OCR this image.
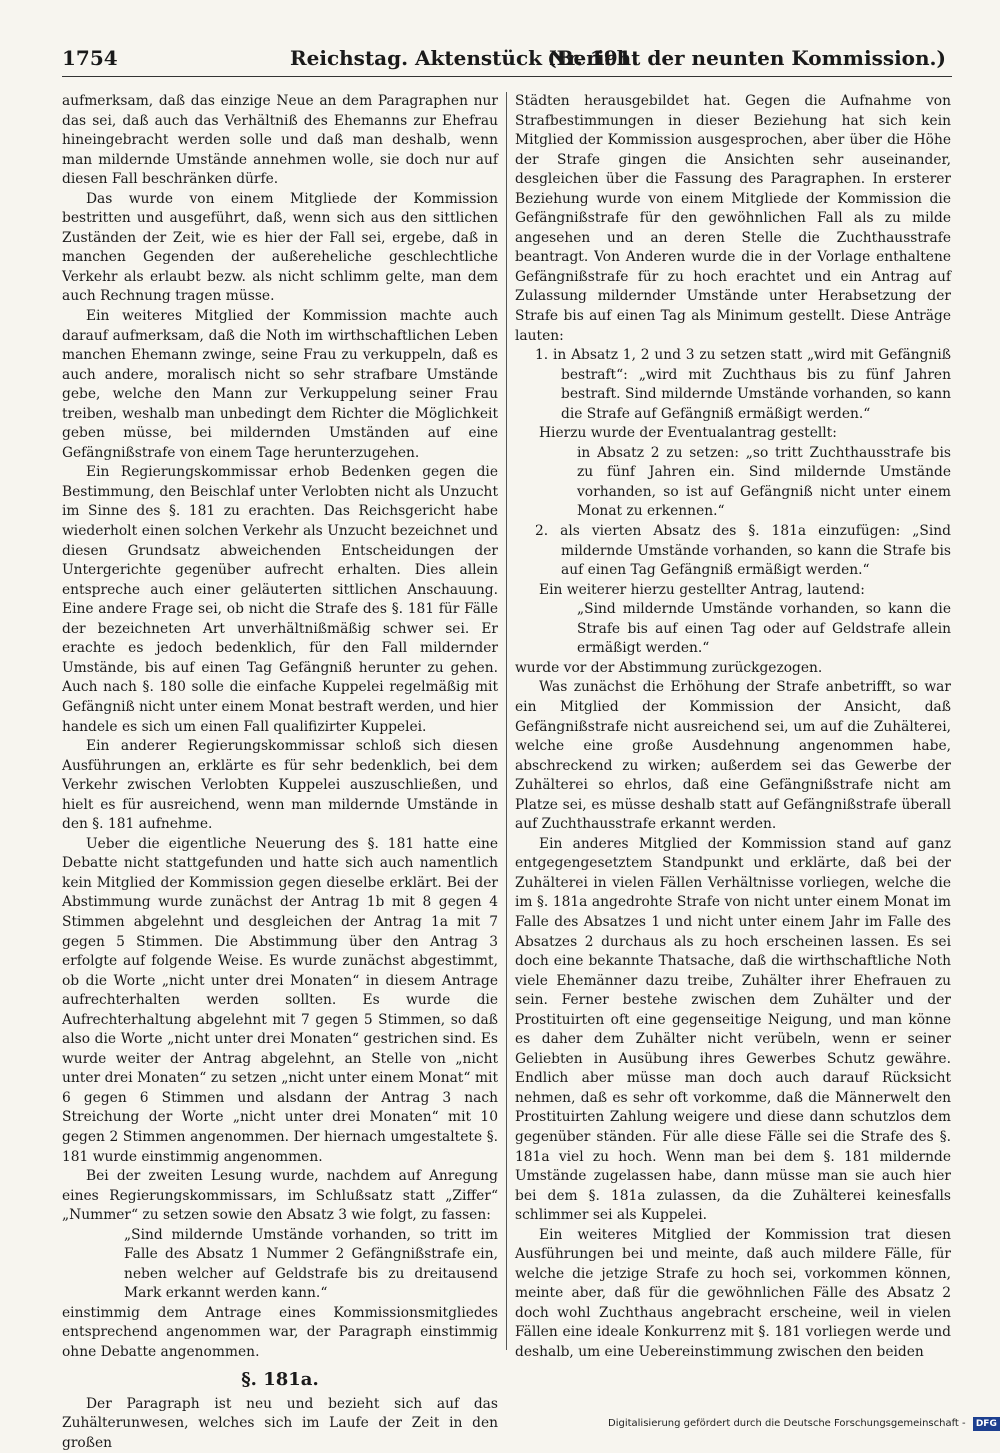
1754	Reichstag. Aktenstück Nr. 191.
(Bericht der neunten Kommission.)

aufmerksam, daß das einzige Neue an dem Paragraphen nur das sei, daß auch das Verhältniß des Ehemanns zur Ehefrau hineingebracht werden solle und daß man deshalb, wenn man mildernde Umstände annehmen wolle, sie doch nur auf diesen Fall beschränken dürfe.

Das wurde von einem Mitgliede der Kommission bestritten und ausgeführt, daß, wenn sich aus den sittlichen Zuständen der Zeit, wie es hier der Fall sei, ergebe, daß in manchen Gegenden der außereheliche geschlechtliche Verkehr als erlaubt bezw. als nicht schlimm gelte, man dem auch Rechnung tragen müsse.

Ein weiteres Mitglied der Kommission machte auch darauf aufmerksam, daß die Noth im wirthschaftlichen Leben manchen Ehemann zwinge, seine Frau zu verkuppeln, daß es auch andere, moralisch nicht so sehr strafbare Umstände gebe, welche den Mann zur Verkuppelung seiner Frau treiben, weshalb man unbedingt dem Richter die Möglichkeit geben müsse, bei mildernden Umständen auf eine Gefängnißstrafe von einem Tage herunterzugehen.

Ein Regierungskommissar erhob Bedenken gegen die Bestimmung, den Beischlaf unter Verlobten nicht als Unzucht im Sinne des §. 181 zu erachten. Das Reichsgericht habe wiederholt einen solchen Verkehr als Unzucht bezeichnet und diesen Grundsatz abweichenden Entscheidungen der Untergerichte gegenüber aufrecht erhalten. Dies allein entspreche auch einer geläuterten sittlichen Anschauung. Eine andere Frage sei, ob nicht die Strafe des §. 181 für Fälle der bezeichneten Art unverhältnißmäßig schwer sei. Er erachte es jedoch bedenklich, für den Fall mildernder Umstände, bis auf einen Tag Gefängniß herunter zu gehen. Auch nach §. 180 solle die einfache Kuppelei regelmäßig mit Gefängniß nicht unter einem Monat bestraft werden, und hier handele es sich um einen Fall qualifizirter Kuppelei.

Ein anderer Regierungskommissar schloß sich diesen Ausführungen an, erklärte es für sehr bedenklich, bei dem Verkehr zwischen Verlobten Kuppelei auszuschließen, und hielt es für ausreichend, wenn man mildernde Umstände in den §. 181 aufnehme.

Ueber die eigentliche Neuerung des §. 181 hatte eine Debatte nicht stattgefunden und hatte sich auch namentlich kein Mitglied der Kommission gegen dieselbe erklärt. Bei der Abstimmung wurde zunächst der Antrag 1b mit 8 gegen 4 Stimmen abgelehnt und desgleichen der Antrag 1a mit 7 gegen 5 Stimmen. Die Abstimmung über den Antrag 3 erfolgte auf folgende Weise. Es wurde zunächst abgestimmt, ob die Worte „nicht unter drei Monaten“ in diesem Antrage aufrechterhalten werden sollten. Es wurde die Aufrechterhaltung abgelehnt mit 7 gegen 5 Stimmen, so daß also die Worte „nicht unter drei Monaten“ gestrichen sind. Es wurde weiter der Antrag abgelehnt, an Stelle von „nicht unter drei Monaten“ zu setzen „nicht unter einem Monat“ mit 6 gegen 6 Stimmen und alsdann der Antrag 3 nach Streichung der Worte „nicht unter drei Monaten“ mit 10 gegen 2 Stimmen angenommen. Der hiernach umgestaltete §. 181 wurde einstimmig angenommen.

Bei der zweiten Lesung wurde, nachdem auf Anregung eines Regierungskommissars, im Schlußsatz statt „Ziffer“ „Nummer“ zu setzen sowie den Absatz 3 wie folgt, zu fassen:

„Sind mildernde Umstände vorhanden, so tritt im Falle des Absatz 1 Nummer 2 Gefängnißstrafe ein, neben welcher auf Geldstrafe bis zu dreitausend Mark erkannt werden kann.“

einstimmig dem Antrage eines Kommissionsmitgliedes entsprechend angenommen war, der Paragraph einstimmig ohne Debatte angenommen.

§. 181a.

Der Paragraph ist neu und bezieht sich auf das Zuhälterunwesen, welches sich im Laufe der Zeit in den großen

Städten herausgebildet hat. Gegen die Aufnahme von Strafbestimmungen in dieser Beziehung hat sich kein Mitglied der Kommission ausgesprochen, aber über die Höhe der Strafe gingen die Ansichten sehr auseinander, desgleichen über die Fassung des Paragraphen. In ersterer Beziehung wurde von einem Mitgliede der Kommission die Gefängnißstrafe für den gewöhnlichen Fall als zu milde angesehen und an deren Stelle die Zuchthausstrafe beantragt. Von Anderen wurde die in der Vorlage enthaltene Gefängnißstrafe für zu hoch erachtet und ein Antrag auf Zulassung mildernder Umstände unter Herabsetzung der Strafe bis auf einen Tag als Minimum gestellt. Diese Anträge lauten:

1. in Absatz 1, 2 und 3 zu setzen statt „wird mit Gefängniß bestraft“: „wird mit Zuchthaus bis zu fünf Jahren bestraft. Sind mildernde Umstände vorhanden, so kann die Strafe auf Gefängniß ermäßigt werden.“

Hierzu wurde der Eventualantrag gestellt:

in Absatz 2 zu setzen: „so tritt Zuchthausstrafe bis zu fünf Jahren ein. Sind mildernde Umstände vorhanden, so ist auf Gefängniß nicht unter einem Monat zu erkennen.“

2. als vierten Absatz des §. 181a einzufügen: „Sind mildernde Umstände vorhanden, so kann die Strafe bis auf einen Tag Gefängniß ermäßigt werden.“

Ein weiterer hierzu gestellter Antrag, lautend:

„Sind mildernde Umstände vorhanden, so kann die Strafe bis auf einen Tag oder auf Geldstrafe allein ermäßigt werden.“

wurde vor der Abstimmung zurückgezogen.

Was zunächst die Erhöhung der Strafe anbetrifft, so war ein Mitglied der Kommission der Ansicht, daß Gefängnißstrafe nicht ausreichend sei, um auf die Zuhälterei, welche eine große Ausdehnung angenommen habe, abschreckend zu wirken; außerdem sei das Gewerbe der Zuhälterei so ehrlos, daß eine Gefängnißstrafe nicht am Platze sei, es müsse deshalb statt auf Gefängnißstrafe überall auf Zuchthausstrafe erkannt werden.

Ein anderes Mitglied der Kommission stand auf ganz entgegengesetztem Standpunkt und erklärte, daß bei der Zuhälterei in vielen Fällen Verhältnisse vorliegen, welche die im §. 181a angedrohte Strafe von nicht unter einem Monat im Falle des Absatzes 1 und nicht unter einem Jahr im Falle des Absatzes 2 durchaus als zu hoch erscheinen lassen. Es sei doch eine bekannte Thatsache, daß die wirthschaftliche Noth viele Ehemänner dazu treibe, Zuhälter ihrer Ehefrauen zu sein. Ferner bestehe zwischen dem Zuhälter und der Prostituirten oft eine gegenseitige Neigung, und man könne es daher dem Zuhälter nicht verübeln, wenn er seiner Geliebten in Ausübung ihres Gewerbes Schutz gewähre. Endlich aber müsse man doch auch darauf Rücksicht nehmen, daß es sehr oft vorkomme, daß die Männerwelt den Prostituirten Zahlung weigere und diese dann schutzlos dem gegenüber ständen. Für alle diese Fälle sei die Strafe des §. 181a viel zu hoch. Wenn man bei dem §. 181 mildernde Umstände zugelassen habe, dann müsse man sie auch hier bei dem §. 181a zulassen, da die Zuhälterei keinesfalls schlimmer sei als Kuppelei.

Ein weiteres Mitglied der Kommission trat diesen Ausführungen bei und meinte, daß auch mildere Fälle, für welche die jetzige Strafe zu hoch sei, vorkommen können, meinte aber, daß für die gewöhnlichen Fälle des Absatz 2 doch wohl Zuchthaus angebracht erscheine, weil in vielen Fällen eine ideale Konkurrenz mit §. 181 vorliegen werde und deshalb, um eine Uebereinstimmung zwischen den beiden

Digitalisierung gefördert durch die Deutsche Forschungsgemeinschaft - DFG
